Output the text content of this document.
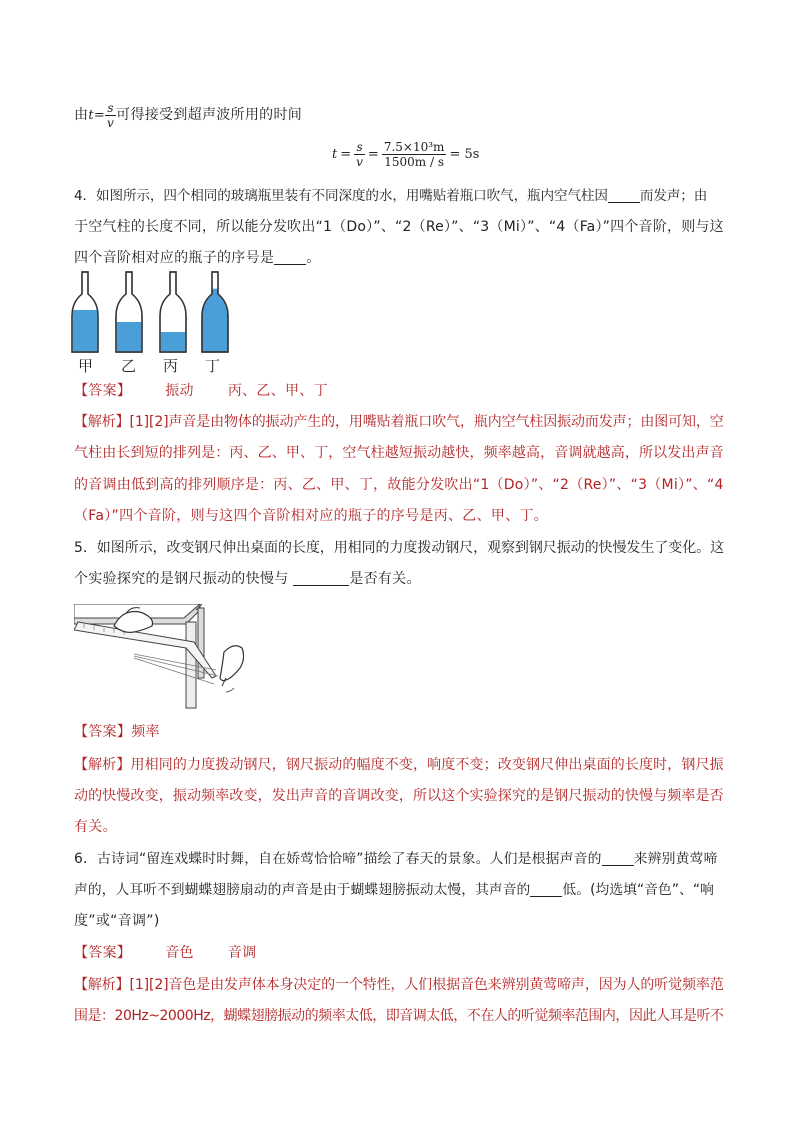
由$t= \frac{s}{v}$ 可得接受到超声波所用的时间
$t = \frac{s}{v} = \frac{\text{7.5×10³m}}{1500m / s} = 5s$
4．如图所示，四个相同的玻璃瓶里装有不同深度的水，用嘴贴着瓶口吹气，瓶内空气柱因 而发声；由
于空气柱的长度不同，所以能分发吹出“1（Do）”、“2（Re）”、“3（Mi）”、“4（Fa）”四个音阶，则与这
四个音阶相对应的瓶子的序号是 。
甲 乙 丙 丁
【答案】 振动 丙、乙、甲、丁
【解析】[1][2]声音是由物体的振动产生的，用嘴贴着瓶口吹气，瓶内空气柱因振动而发声；由图可知，空
气柱由长到短的排列是：丙、乙、甲、丁，空气柱越短振动越快，频率越高，音调就越高，所以发出声音
的音调由低到高的排列顺序是：丙、乙、甲、丁，故能分发吹出“1（Do）”、“2（Re）”、“3（Mi）”、“4
（Fa）”四个音阶，则与这四个音阶相对应的瓶子的序号是丙、乙、甲、丁。
5．如图所示，改变钢尺伸出桌面的长度，用相同的力度拨动钢尺，观察到钢尺振动的快慢发生了变化。这
个实验探究的是钢尺振动的快慢与	是否有关。
【答案】频率
【解析】用相同的力度拨动钢尺，钢尺振动的幅度不变，响度不变；改变钢尺伸出桌面的长度时，钢尺振
动的快慢改变，振动频率改变，发出声音的音调改变，所以这个实验探究的是钢尺振动的快慢与频率是否
有关。
6．古诗词“留连戏蝶时时舞，自在娇莺恰恰啼”描绘了春天的景象。人们是根据声音的 来辨别黄莺啼
声的，人耳听不到蝴蝶翅膀扇动的声音是由于蝴蝶翅膀振动太慢，其声音的 低。(均选填“音色”、“响
度”或“音调”)
【答案】 音色 音调
【解析】[1][2]音色是由发声体本身决定的一个特性，人们根据音色来辨别黄莺啼声，因为人的听觉频率范
围是：20Hz~2000Hz，蝴蝶翅膀振动的频率太低，即音调太低，不在人的听觉频率范围内，因此人耳是听不
